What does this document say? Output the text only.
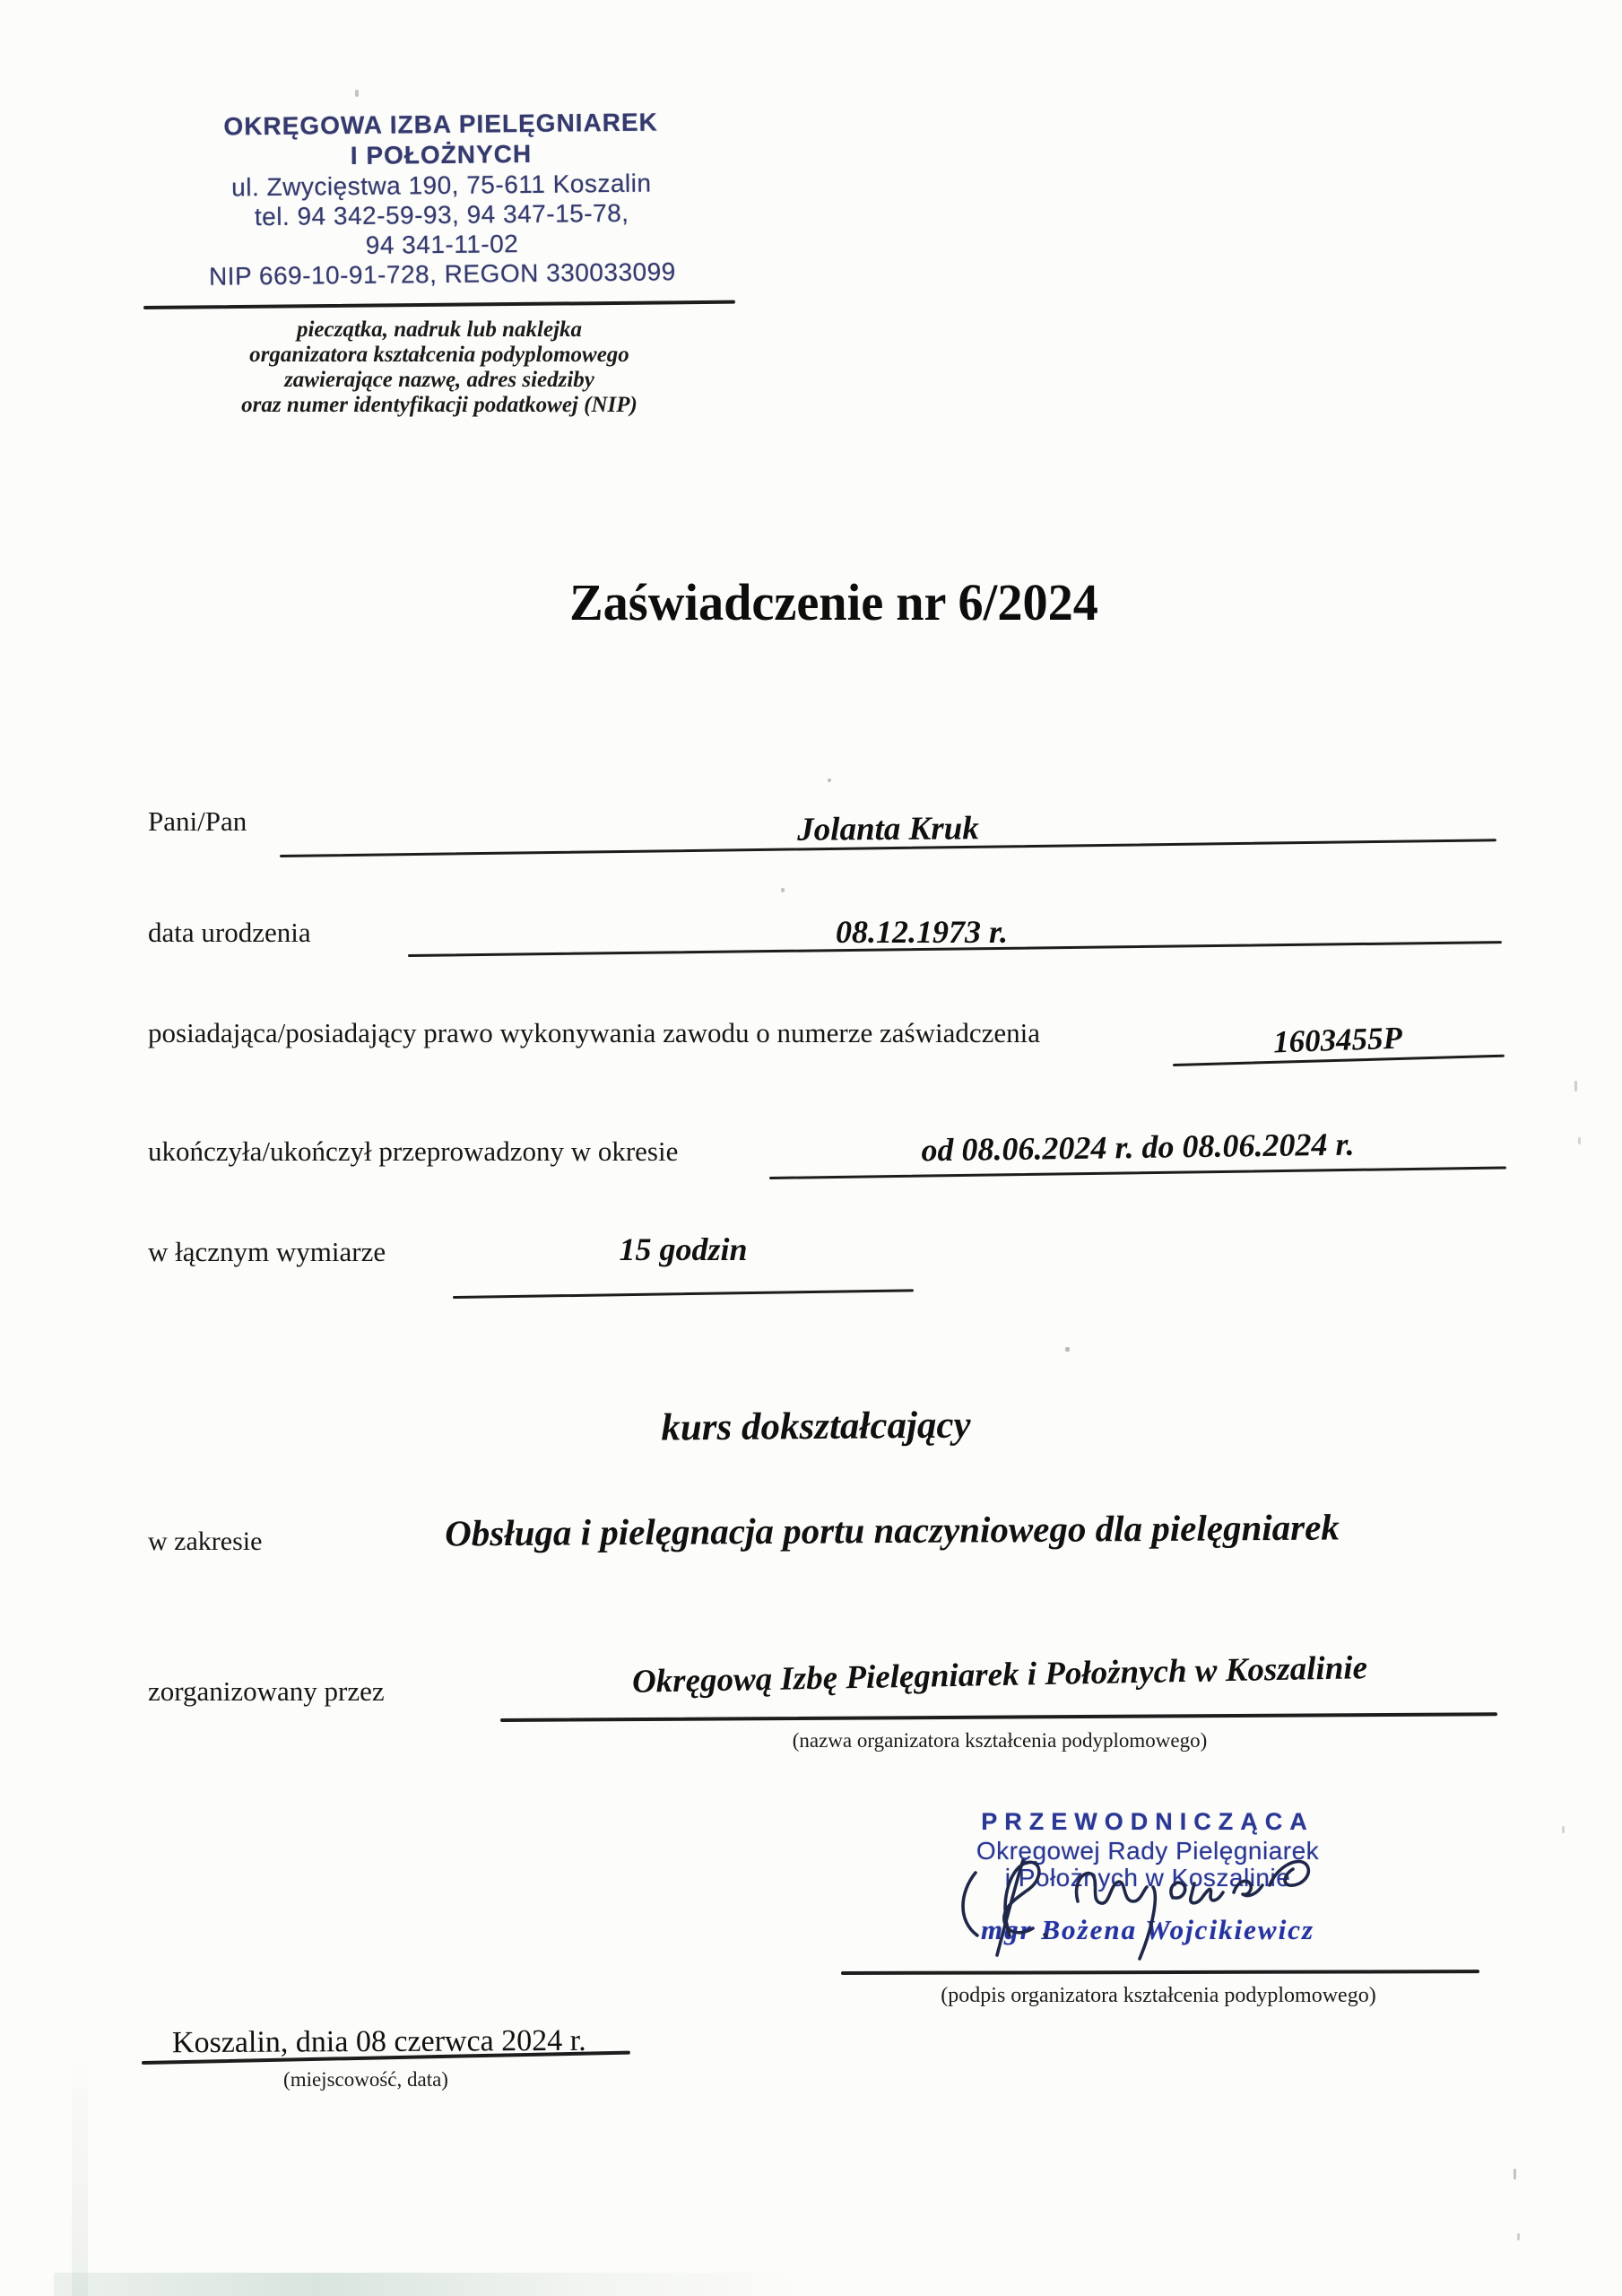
OKRĘGOWA IZBA PIELĘGNIAREK
I POŁOŻNYCH
ul. Zwycięstwa 190, 75-611 Koszalin
tel. 94 342-59-93, 94 347-15-78,
94 341-11-02
NIP 669-10-91-728, REGON 330033099
pieczątka, nadruk lub naklejka
organizatora kształcenia podyplomowego
zawierające nazwę, adres siedziby
oraz numer identyfikacji podatkowej (NIP)
Zaświadczenie nr 6/2024
Pani/Pan	Jolanta Kruk
data urodzenia	08.12.1973 r.
posiadająca/posiadający prawo wykonywania zawodu o numerze zaświadczenia	1603455P
ukończyła/ukończył przeprowadzony w okresie	od 08.06.2024 r. do 08.06.2024 r.
w łącznym wymiarze	15 godzin
kurs dokształcający
w zakresie	Obsługa i pielęgnacja portu naczyniowego dla pielęgniarek
zorganizowany przez	Okręgową Izbę Pielęgniarek i Położnych w Koszalinie
(nazwa organizatora kształcenia podyplomowego)
PRZEWODNICZĄCA
Okręgowej Rady Pielęgniarek
i Położnych w Koszalinie
mgr Bożena Wojcikiewicz
(podpis organizatora kształcenia podyplomowego)
Koszalin, dnia 08 czerwca 2024 r.
(miejscowość, data)
